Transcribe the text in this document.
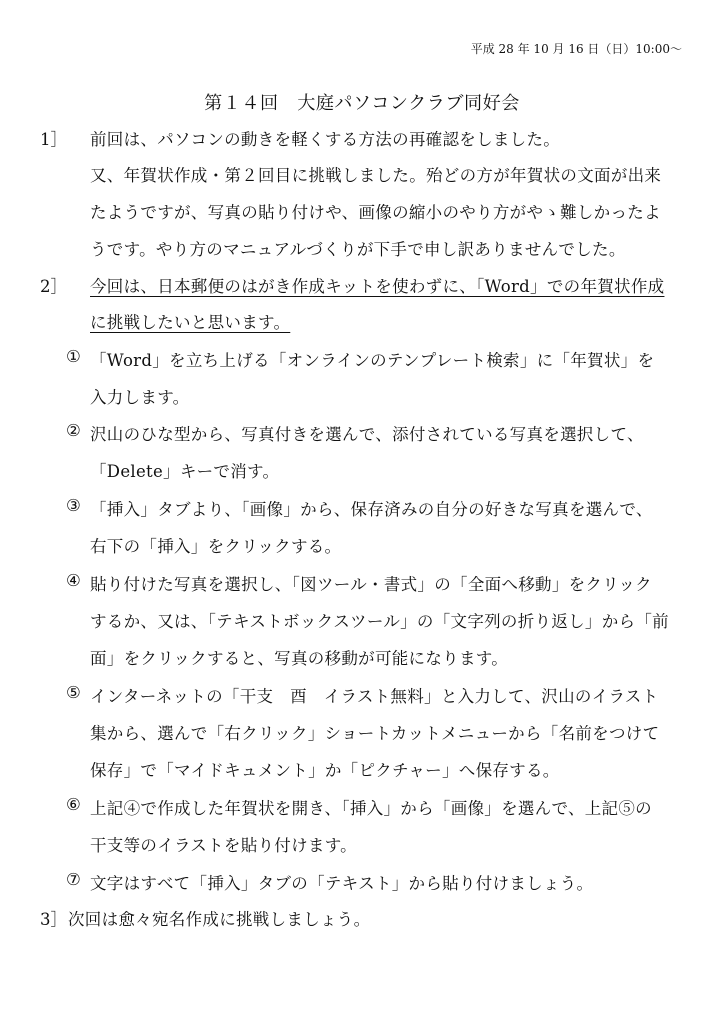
平成 28 年 10 月 16 日（日）10:00～
第１４回　大庭パソコンクラブ同好会
1］ 前回は、パソコンの動きを軽くする方法の再確認をしました。
又、年賀状作成・第２回目に挑戦しました。殆どの方が年賀状の文面が出来
たようですが、写真の貼り付けや、画像の縮小のやり方がやゝ難しかったよ
うです。やり方のマニュアルづくりが下手で申し訳ありませんでした。
2］ 今回は、日本郵便のはがき作成キットを使わずに、「Word」での年賀状作成
に挑戦したいと思います。
① 「Word」を立ち上げる「オンラインのテンプレート検索」に「年賀状」を
入力します。
② 沢山のひな型から、写真付きを選んで、添付されている写真を選択して、
「Delete」キーで消す。
③ 「挿入」タブより、「画像」から、保存済みの自分の好きな写真を選んで、
右下の「挿入」をクリックする。
④ 貼り付けた写真を選択し、「図ツール・書式」の「全面へ移動」をクリック
するか、又は、「テキストボックスツール」の「文字列の折り返し」から「前
面」をクリックすると、写真の移動が可能になります。
⑤ インターネットの「干支　酉　イラスト無料」と入力して、沢山のイラスト
集から、選んで「右クリック」ショートカットメニューから「名前をつけて
保存」で「マイドキュメント」か「ピクチャー」へ保存する。
⑥ 上記④で作成した年賀状を開き、「挿入」から「画像」を選んで、上記⑤の
干支等のイラストを貼り付けます。
⑦ 文字はすべて「挿入」タブの「テキスト」から貼り付けましょう。
3］ 次回は愈々宛名作成に挑戦しましょう。
